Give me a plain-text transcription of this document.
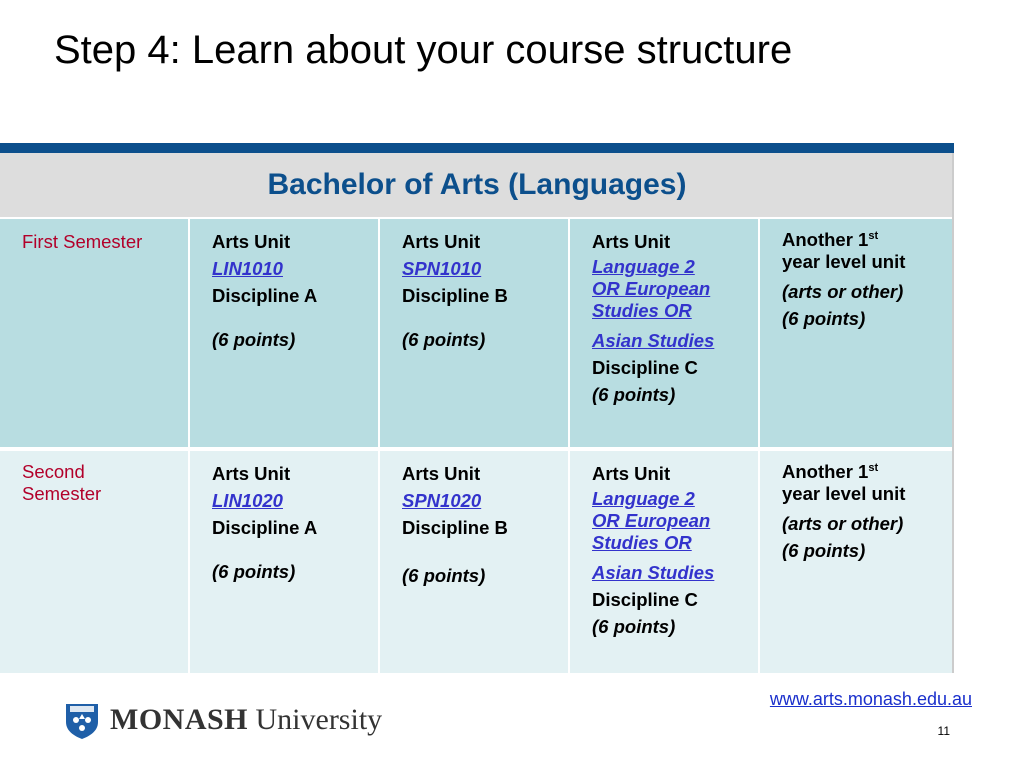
Step 4: Learn about your course structure
Bachelor of Arts (Languages)
First Semester	Arts Unit
LIN1010
Discipline A
(6 points)
Arts Unit
SPN1010
Discipline B
(6 points)
Arts Unit
Language 2
OR European
Studies OR
Asian Studies
Discipline C
(6 points)
Another 1st
year level unit
(arts or other)
(6 points)
Second
Semester
Arts Unit
LIN1020
Discipline A
(6 points)
Arts Unit
SPN1020
Discipline B
(6 points)
Arts Unit
Language 2
OR European
Studies OR
Asian Studies
Discipline C
(6 points)
Another 1st
year level unit
(arts or other)
(6 points)
MONASH University
www.arts.monash.edu.au
11
